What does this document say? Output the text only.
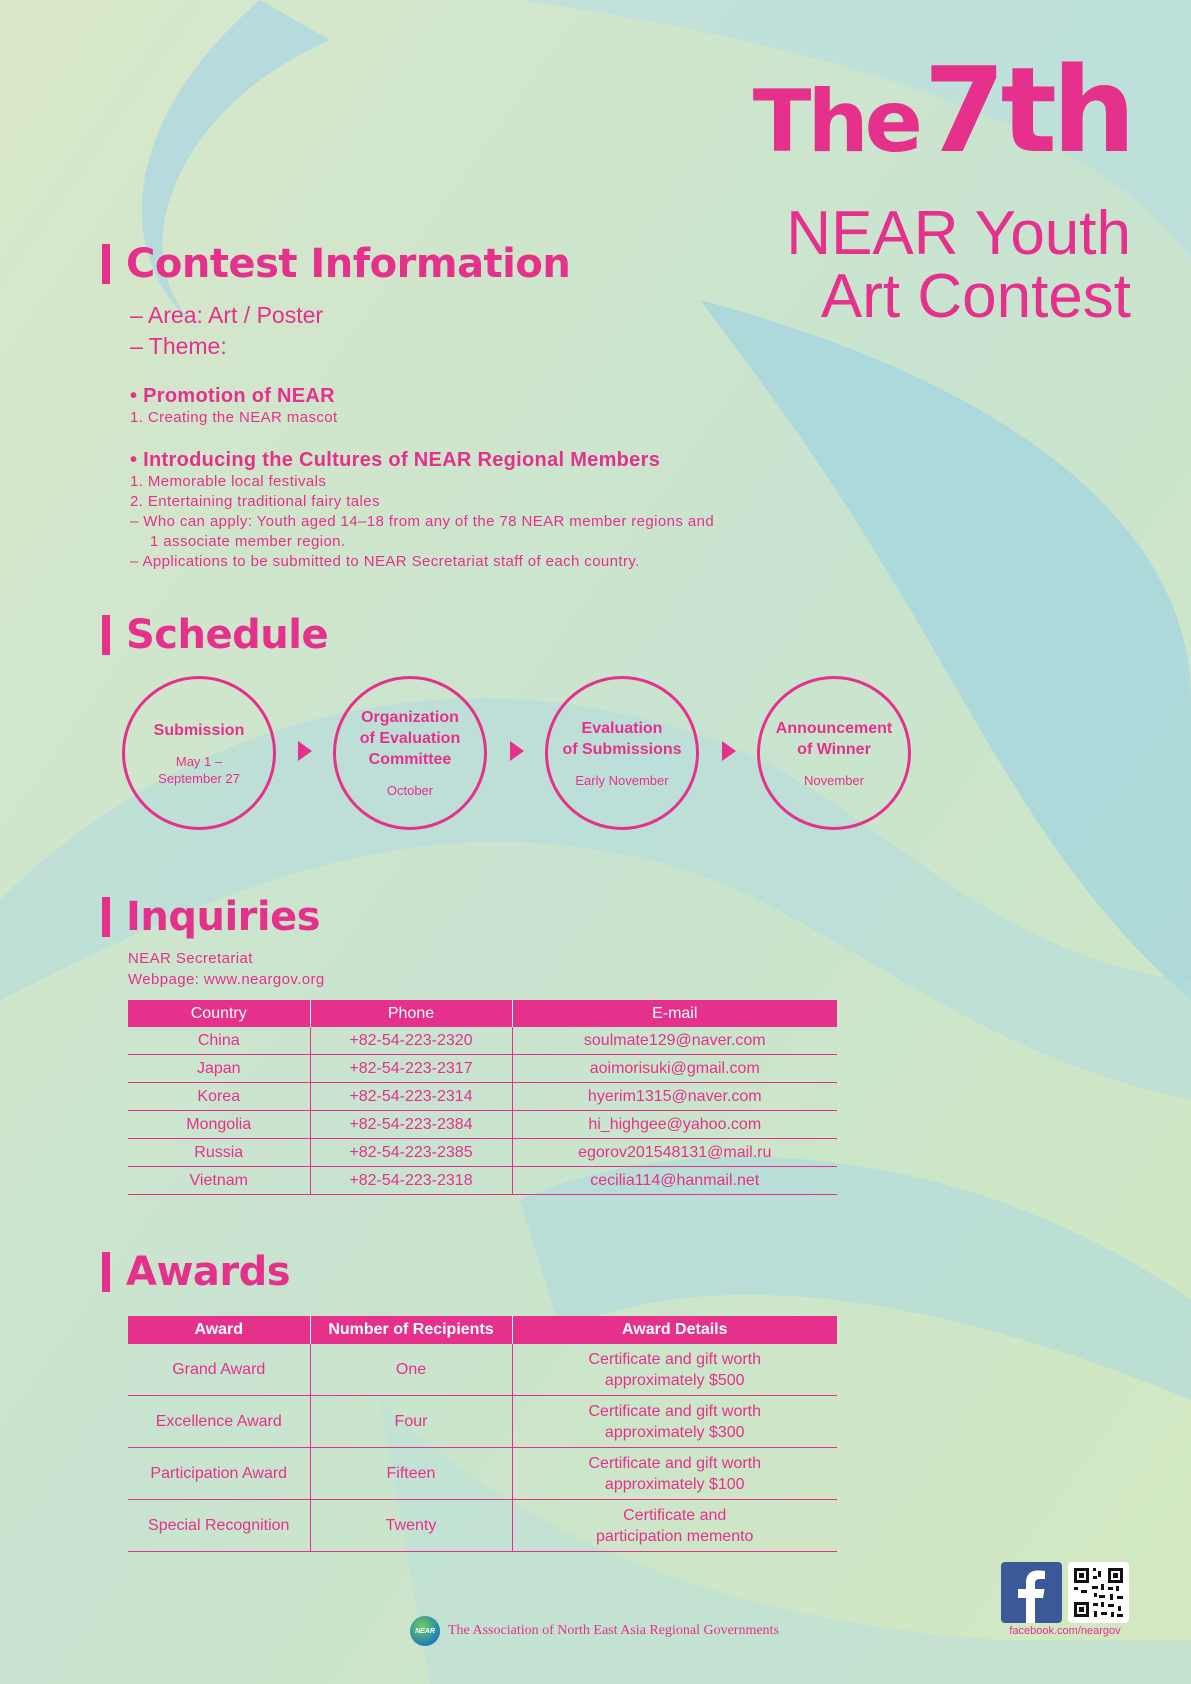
The 7th
NEAR Youth
Art Contest
Contest Information
– Area: Art / Poster
– Theme:
• Promotion of NEAR
1. Creating the NEAR mascot
• Introducing the Cultures of NEAR Regional Members
1. Memorable local festivals
2. Entertaining traditional fairy tales
– Who can apply: Youth aged 14–18 from any of the 78 NEAR member regions and
1 associate member region.
– Applications to be submitted to NEAR Secretariat staff of each country.
Schedule
Submission
May 1 –
September 27
Organization
of Evaluation
Committee
October
Evaluation
of Submissions
Early November
Announcement
of Winner
November
Inquiries
NEAR Secretariat
Webpage: www.neargov.org
Country	Phone	E-mail
China	+82-54-223-2320	soulmate129@naver.com
Japan	+82-54-223-2317	aoimorisuki@gmail.com
Korea	+82-54-223-2314	hyerim1315@naver.com
Mongolia	+82-54-223-2384	hi_highgee@yahoo.com
Russia	+82-54-223-2385	egorov201548131@mail.ru
Vietnam	+82-54-223-2318	cecilia114@hanmail.net
Awards
Award	Number of Recipients	Award Details
Grand Award	One	Certificate and gift worth
approximately $500
Excellence Award	Four	Certificate and gift worth
approximately $300
Participation Award	Fifteen	Certificate and gift worth
approximately $100
Special Recognition	Twenty	Certificate and
participation memento
NEAR The Association of North East Asia Regional Governments	facebook.com/neargov
